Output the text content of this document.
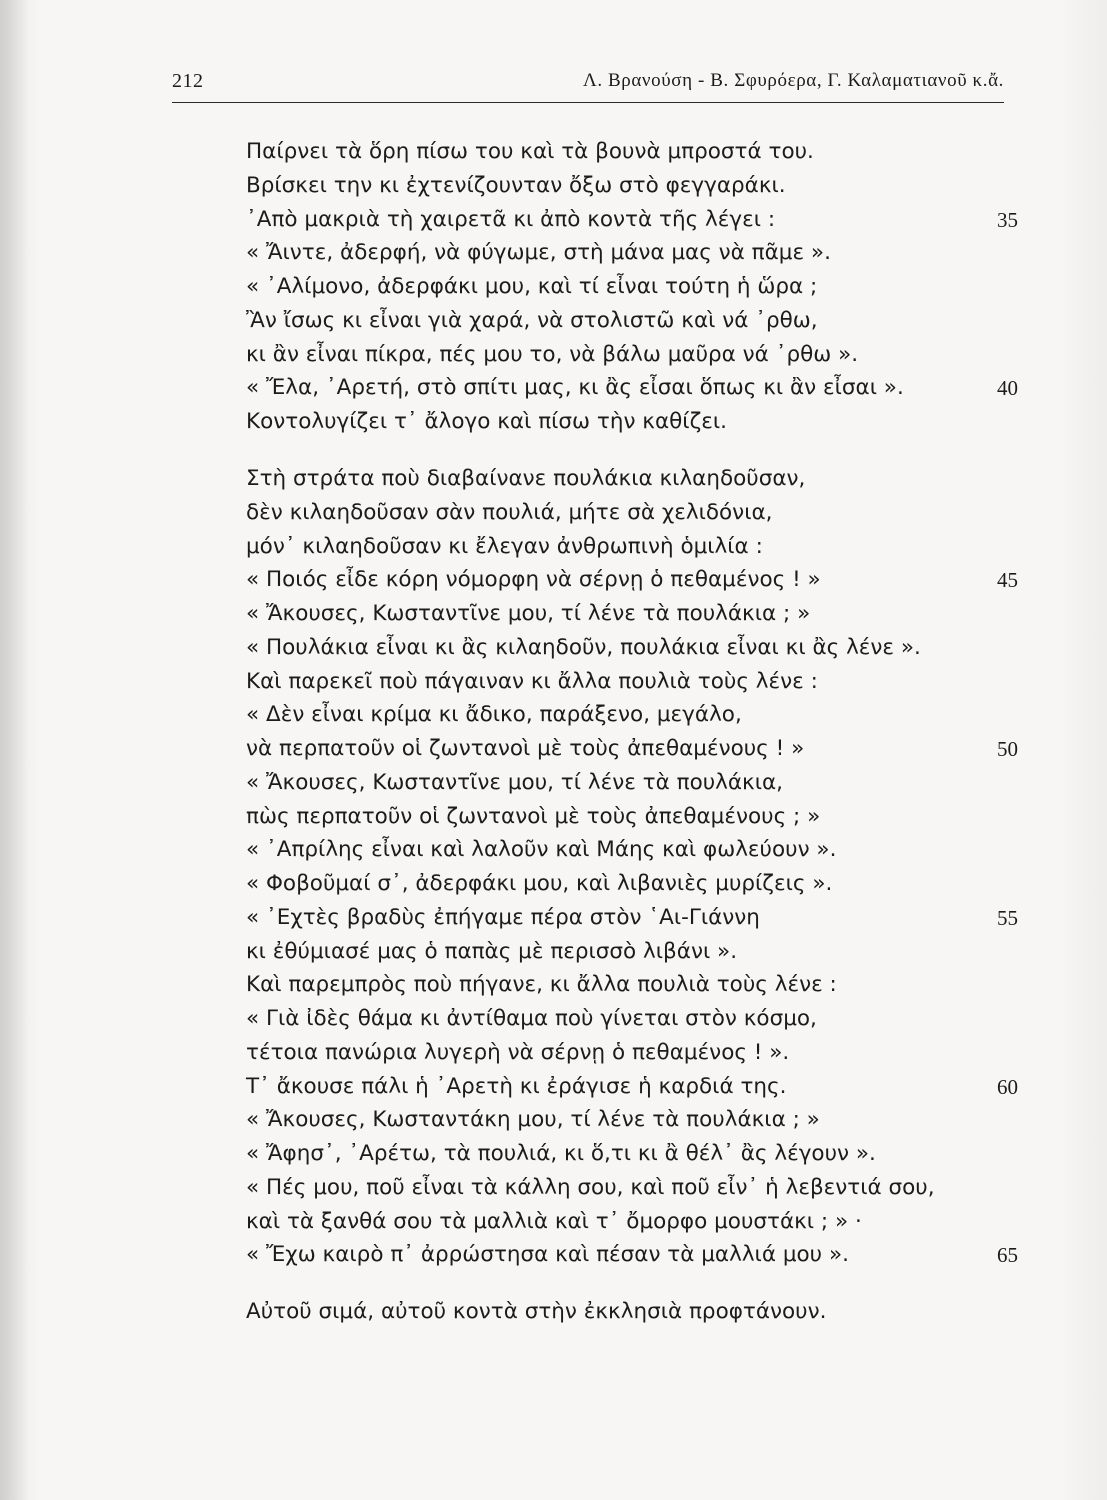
212	Λ. Βρανούση - Β. Σφυρόερα, Γ. Καλαματιανοῦ κ.ἄ.
Παίρνει τὰ ὅρη πίσω του καὶ τὰ βουνὰ μπροστά του.
Βρίσκει την κι ἐχτενίζουνταν ὄξω στὸ φεγγαράκι.
᾿Απὸ μακριὰ τὴ χαιρετᾶ κι ἀπὸ κοντὰ τῆς λέγει :	35
« Ἄιντε, ἀδερφή, νὰ φύγωμε, στὴ μάνα μας νὰ πᾶμε ».
« ᾿Αλίμονο, ἀδερφάκι μου, καὶ τί εἶναι τούτη ἡ ὥρα ;
Ἂν ἴσως κι εἶναι γιὰ χαρά, νὰ στολιστῶ καὶ νά ᾿ρθω,
κι ἂν εἶναι πίκρα, πές μου το, νὰ βάλω μαῦρα νά ᾿ρθω ».
« Ἔλα, ᾿Αρετή, στὸ σπίτι μας, κι ἂς εἶσαι ὅπως κι ἂν εἶσαι ».	40
Κοντολυγίζει τ᾿ ἄλογο καὶ πίσω τὴν καθίζει.
Στὴ στράτα ποὺ διαβαίνανε πουλάκια κιλαηδοῦσαν,
δὲν κιλαηδοῦσαν σὰν πουλιά, μήτε σὰ χελιδόνια,
μόν᾿ κιλαηδοῦσαν κι ἔλεγαν ἀνθρωπινὴ ὁμιλία :
« Ποιός εἶδε κόρη νόμορφη νὰ σέρνῃ ὁ πεθαμένος ! »	45
« Ἄκουσες, Κωσταντῖνε μου, τί λένε τὰ πουλάκια ; »
« Πουλάκια εἶναι κι ἂς κιλαηδοῦν, πουλάκια εἶναι κι ἂς λένε ».
Καὶ παρεκεῖ ποὺ πάγαιναν κι ἄλλα πουλιὰ τοὺς λένε :
« Δὲν εἶναι κρίμα κι ἄδικο, παράξενο, μεγάλο,
νὰ περπατοῦν οἱ ζωντανοὶ μὲ τοὺς ἀπεθαμένους ! »	50
« Ἄκουσες, Κωσταντῖνε μου, τί λένε τὰ πουλάκια,
πὼς περπατοῦν οἱ ζωντανοὶ μὲ τοὺς ἀπεθαμένους ; »
« ᾿Απρίλης εἶναι καὶ λαλοῦν καὶ Μάης καὶ φωλεύουν ».
« Φοβοῦμαί σ᾿, ἀδερφάκι μου, καὶ λιβανιὲς μυρίζεις ».
« ᾿Εχτὲς βραδὺς ἐπήγαμε πέρα στὸν ῾Αι-Γιάννη	55
κι ἐθύμιασέ μας ὁ παπὰς μὲ περισσὸ λιβάνι ».
Καὶ παρεμπρὸς ποὺ πήγανε, κι ἄλλα πουλιὰ τοὺς λένε :
« Γιὰ ἰδὲς θάμα κι ἀντίθαμα ποὺ γίνεται στὸν κόσμο,
τέτοια πανώρια λυγερὴ νὰ σέρνῃ ὁ πεθαμένος ! ».
Τ᾿ ἄκουσε πάλι ἡ ᾿Αρετὴ κι ἐράγισε ἡ καρδιά της.	60
« Ἄκουσες, Κωσταντάκη μου, τί λένε τὰ πουλάκια ; »
« Ἄφησ᾿, ᾿Αρέτω, τὰ πουλιά, κι ὅ,τι κι ἂ θέλ᾿ ἂς λέγουν ».
« Πές μου, ποῦ εἶναι τὰ κάλλη σου, καὶ ποῦ εἶν᾿ ἡ λεβεντιά σου,
καὶ τὰ ξανθά σου τὰ μαλλιὰ καὶ τ᾿ ὄμορφο μουστάκι ; » ·
« Ἔχω καιρὸ π᾿ ἀρρώστησα καὶ πέσαν τὰ μαλλιά μου ».	65
Αὐτοῦ σιμά, αὐτοῦ κοντὰ στὴν ἐκκλησιὰ προφτάνουν.
